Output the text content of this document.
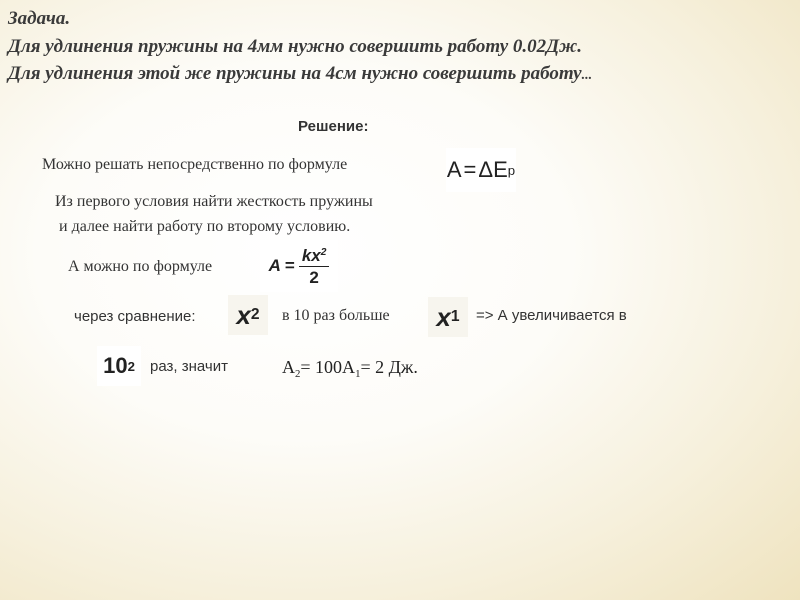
Задача.
Для удлинения пружины на 4мм нужно совершить работу 0.02Дж.
Для удлинения этой же пружины на 4см нужно совершить работу...
Решение:
Можно решать непосредственно по формуле	A = ΔE p
Из первого условия найти жесткость пружины
и далее найти работу по второму условию.
А можно по формуле	$A = \frac{kx^2}{2}$
через сравнение: x 2 в 10 раз больше x 1 => А увеличивается в
10 2 раз, значит	$А_2= 100А_1= 2$ Дж.
